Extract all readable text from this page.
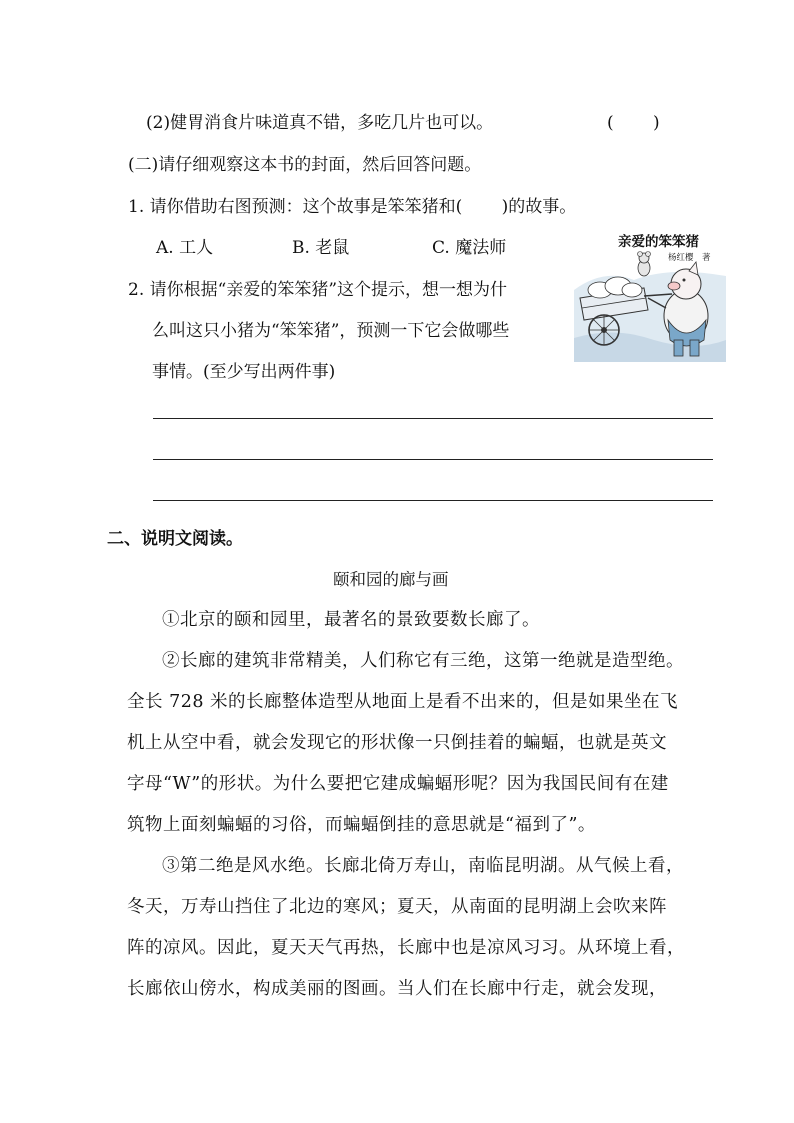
(2)健胃消食片味道真不错，多吃几片也可以。	(　　 )
(二)请仔细观察这本书的封面，然后回答问题。
1. 请你借助右图预测：这个故事是笨笨猪和(　　 )的故事。
A. 工人	B. 老鼠	C. 魔法师
2. 请你根据“亲爱的笨笨猪”这个提示，想一想为什
么叫这只小猪为“笨笨猪”，预测一下它会做哪些
事情。(至少写出两件事)
亲爱的笨笨猪
杨红樱　著
二、说明文阅读。
颐和园的廊与画
①北京的颐和园里，最著名的景致要数长廊了。
②长廊的建筑非常精美，人们称它有三绝，这第一绝就是造型绝。
全长 728 米的长廊整体造型从地面上是看不出来的，但是如果坐在飞
机上从空中看，就会发现它的形状像一只倒挂着的蝙蝠，也就是英文
字母“W”的形状。为什么要把它建成蝙蝠形呢？因为我国民间有在建
筑物上面刻蝙蝠的习俗，而蝙蝠倒挂的意思就是“福到了”。
③第二绝是风水绝。长廊北倚万寿山，南临昆明湖。从气候上看，
冬天，万寿山挡住了北边的寒风；夏天，从南面的昆明湖上会吹来阵
阵的凉风。因此，夏天天气再热，长廊中也是凉风习习。从环境上看，
长廊依山傍水，构成美丽的图画。当人们在长廊中行走，就会发现，
